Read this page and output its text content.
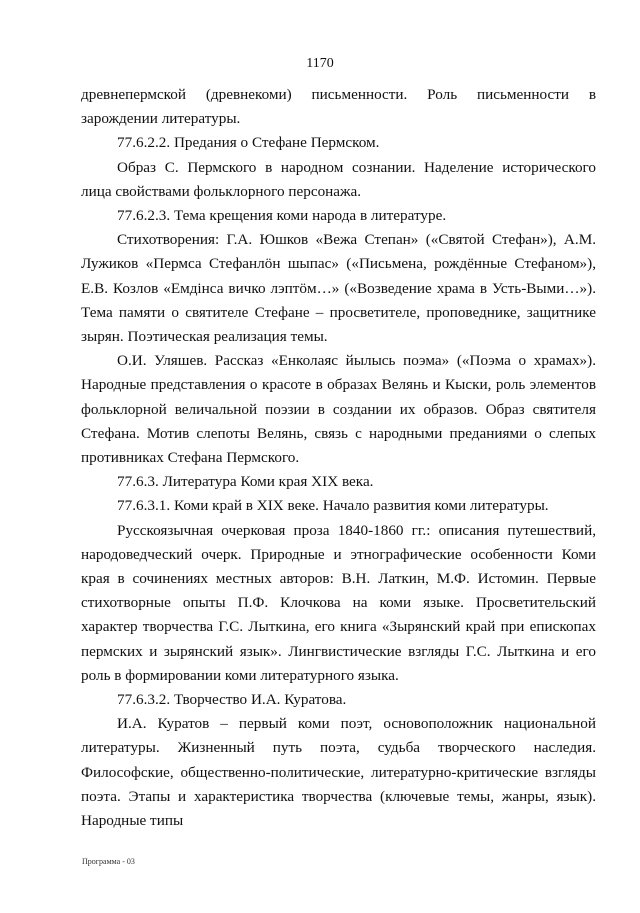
1170

древнепермской (древнекоми) письменности. Роль письменности в зарождении литературы.

77.6.2.2. Предания о Стефане Пермском.

Образ С. Пермского в народном сознании. Наделение исторического лица свойствами фольклорного персонажа.

77.6.2.3. Тема крещения коми народа в литературе.

Стихотворения: Г.А. Юшков «Вежа Степан» («Святой Стефан»), А.М. Лужиков «Пермса Стефанлӧн шыпас» («Письмена, рождённые Стефаном»), Е.В. Козлов «Емдінса вичко лэптӧм…» («Возведение храма в Усть-Выми…»). Тема памяти о святителе Стефане – просветителе, проповеднике, защитнике зырян. Поэтическая реализация темы.

О.И. Уляшев. Рассказ «Енколаяс йылысь поэма» («Поэма о храмах»). Народные представления о красоте в образах Велянь и Кыски, роль элементов фольклорной величальной поэзии в создании их образов. Образ святителя Стефана. Мотив слепоты Велянь, связь с народными преданиями о слепых противниках Стефана Пермского.

77.6.3. Литература Коми края XIX века.

77.6.3.1. Коми край в XIX веке. Начало развития коми литературы.

Русскоязычная очерковая проза 1840-1860 гг.: описания путешествий, народоведческий очерк. Природные и этнографические особенности Коми края в сочинениях местных авторов: В.Н. Латкин, М.Ф. Истомин. Первые стихотворные опыты П.Ф. Клочкова на коми языке. Просветительский характер творчества Г.С. Лыткина, его книга «Зырянский край при епископах пермских и зырянский язык». Лингвистические взгляды Г.С. Лыткина и его роль в формировании коми литературного языка.

77.6.3.2. Творчество И.А. Куратова.

И.А. Куратов – первый коми поэт, основоположник национальной литературы. Жизненный путь поэта, судьба творческого наследия. Философские, общественно-политические, литературно-критические взгляды поэта. Этапы и характеристика творчества (ключевые темы, жанры, язык). Народные типы

Программа - 03
